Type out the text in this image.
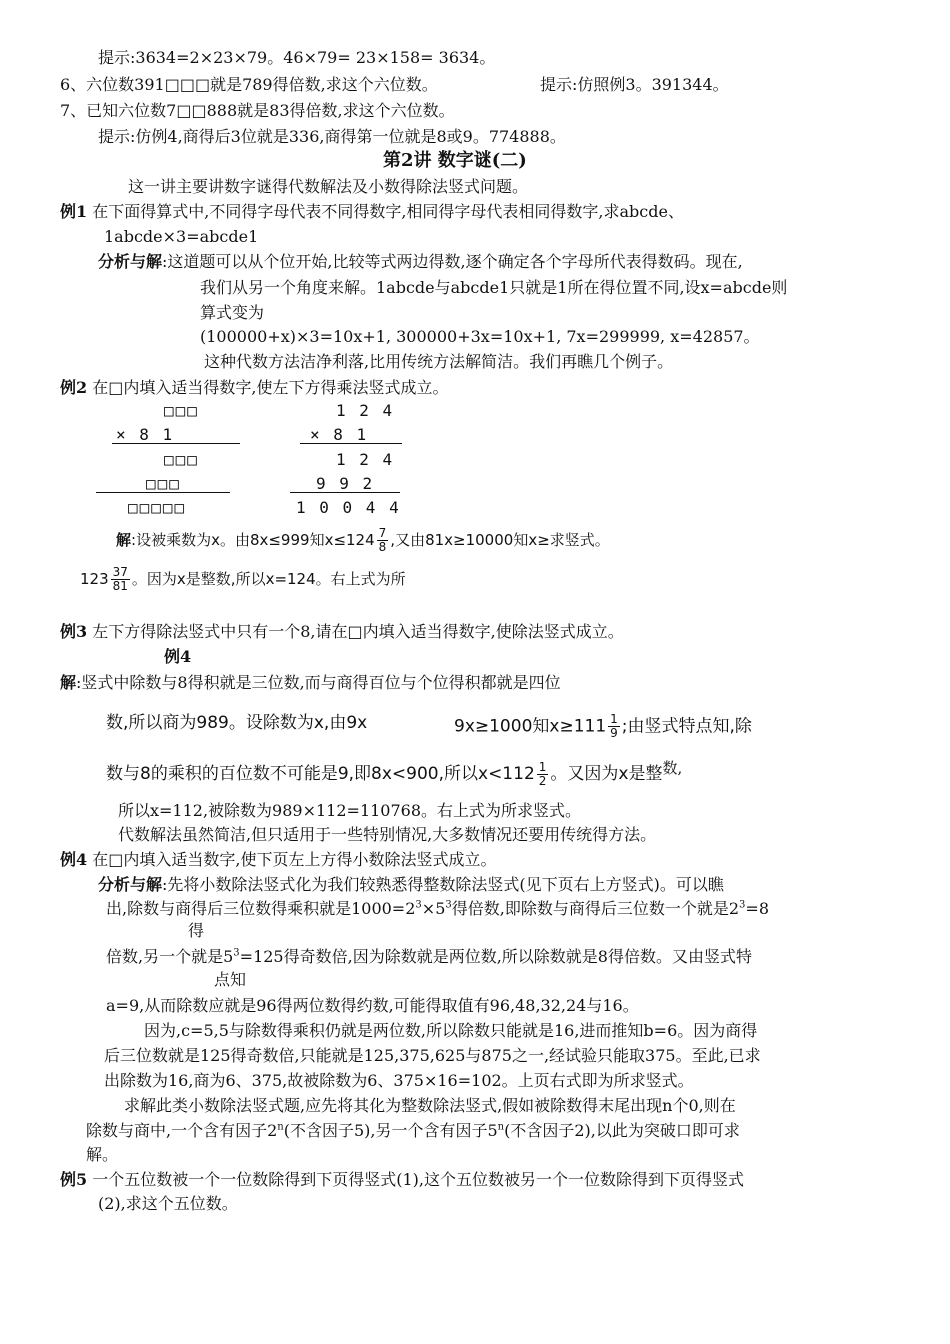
提示:3634=2×23×79。46×79= 23×158= 3634。
6、六位数391□□□就是789得倍数,求这个六位数。	提示:仿照例3。391344。
7、已知六位数7□□888就是83得倍数,求这个六位数。
提示:仿例4,商得后3位就是336,商得第一位就是8或9。774888。
第2讲 数字谜(二)
这一讲主要讲数字谜得代数解法及小数得除法竖式问题。
例1 在下面得算式中,不同得字母代表不同得数字,相同得字母代表相同得数字,求abcde、
1abcde×3=abcde1
分析与解:这道题可以从个位开始,比较等式两边得数,逐个确定各个字母所代表得数码。现在,
我们从另一个角度来解。1abcde与abcde1只就是1所在得位置不同,设x=abcde则
算式变为
(100000+x)×3=10x+1, 300000+3x=10x+1, 7x=299999, x=42857。
这种代数方法洁净利落,比用传统方法解简洁。我们再瞧几个例子。
例2 在□内填入适当得数字,使左下方得乘法竖式成立。
□□□
× 8 1
□□□
□□□
□□□□□
1 2 4
× 8 1
1 2 4
9 9 2
1 0 0 4 4
解:设被乘数为x。由8x≤999知$x\le 124 \frac{7}{8}$ ,又由81x≥10000知x≥求竖式。
$123 \frac{37}{81}$ 。因为x是整数,所以x=124。右上式为所
例3 左下方得除法竖式中只有一个8,请在□内填入适当得数字,使除法竖式成立。
例4
解:竖式中除数与8得积就是三位数,而与商得百位与个位得积都就是四位
数,所以商为989。设除数为x,由9x	9x≥1000知$x\ge 111 \frac{1}{9}$ ;由竖式特点知,除
数与8的乘积的百位数不可能是9,即8x<900,所以$x<112 \frac{1}{2}$ 。又因为x是整数,
所以x=112,被除数为989×112=110768。右上式为所求竖式。
代数解法虽然简洁,但只适用于一些特别情况,大多数情况还要用传统得方法。
例4 在□内填入适当数字,使下页左上方得小数除法竖式成立。
分析与解:先将小数除法竖式化为我们较熟悉得整数除法竖式(见下页右上方竖式)。可以瞧
出,除数与商得后三位数得乘积就是$1000=2^3\times 5^3$得倍数,即除数与商得后三位数一个就是$2^3=8$
得
倍数,另一个就是$5^3=125$得奇数倍,因为除数就是两位数,所以除数就是8得倍数。又由竖式特
点知
a=9,从而除数应就是96得两位数得约数,可能得取值有96,48,32,24与16。
因为,c=5,5与除数得乘积仍就是两位数,所以除数只能就是16,进而推知b=6。因为商得
后三位数就是125得奇数倍,只能就是125,375,625与875之一,经试验只能取375。至此,已求
出除数为16,商为6、375,故被除数为6、375×16=102。上页右式即为所求竖式。
求解此类小数除法竖式题,应先将其化为整数除法竖式,假如被除数得末尾出现n个0,则在
除数与商中,一个含有因子2$^n$(不含因子5),另一个含有因子5$^n$(不含因子2),以此为突破口即可求
解。
例5 一个五位数被一个一位数除得到下页得竖式(1),这个五位数被另一个一位数除得到下页得竖式
(2),求这个五位数。
